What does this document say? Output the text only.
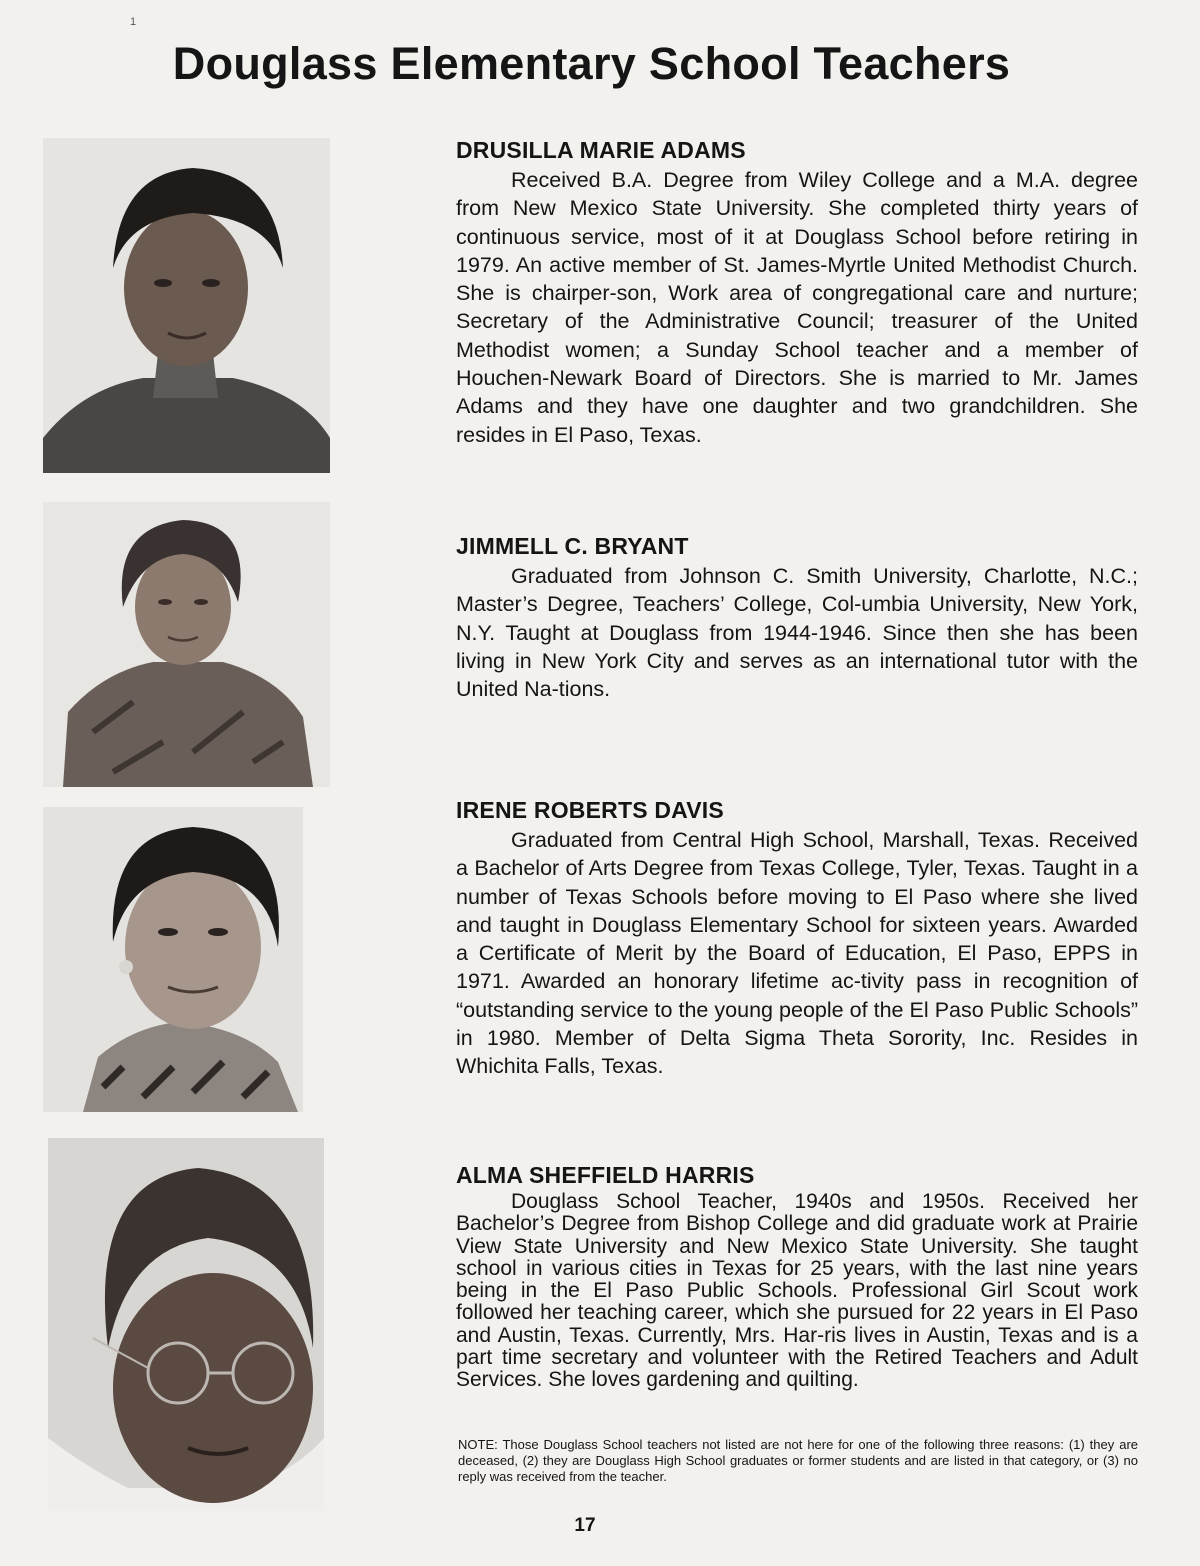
1
Douglass Elementary School Teachers
DRUSILLA MARIE ADAMS

Received B.A. Degree from Wiley College and a M.A. degree from New Mexico State University. She completed thirty years of continuous service, most of it at Douglass School before retiring in 1979. An active member of St. James-Myrtle United Methodist Church. She is chairper-son, Work area of congregational care and nurture; Secretary of the Administrative Council; treasurer of the United Methodist women; a Sunday School teacher and a member of Houchen-Newark Board of Directors. She is married to Mr. James Adams and they have one daughter and two grandchildren. She resides in El Paso, Texas.

JIMMELL C. BRYANT

Graduated from Johnson C. Smith University, Charlotte, N.C.; Master’s Degree, Teachers’ College, Col-umbia University, New York, N.Y. Taught at Douglass from 1944-1946. Since then she has been living in New York City and serves as an international tutor with the United Na-tions.

IRENE ROBERTS DAVIS

Graduated from Central High School, Marshall, Texas. Received a Bachelor of Arts Degree from Texas College, Tyler, Texas. Taught in a number of Texas Schools before moving to El Paso where she lived and taught in Douglass Elementary School for sixteen years. Awarded a Certificate of Merit by the Board of Education, El Paso, EPPS in 1971. Awarded an honorary lifetime ac-tivity pass in recognition of “outstanding service to the young people of the El Paso Public Schools” in 1980. Member of Delta Sigma Theta Sorority, Inc. Resides in Whichita Falls, Texas.

ALMA SHEFFIELD HARRIS

Douglass School Teacher, 1940s and 1950s. Received her Bachelor’s Degree from Bishop College and did graduate work at Prairie View State University and New Mexico State University. She taught school in various cities in Texas for 25 years, with the last nine years being in the El Paso Public Schools. Professional Girl Scout work followed her teaching career, which she pursued for 22 years in El Paso and Austin, Texas. Currently, Mrs. Har-ris lives in Austin, Texas and is a part time secretary and volunteer with the Retired Teachers and Adult Services. She loves gardening and quilting.

NOTE: Those Douglass School teachers not listed are not here for one of the following three reasons: (1) they are deceased, (2) they are Douglass High School graduates or former students and are listed in that category, or (3) no reply was received from the teacher.

17
